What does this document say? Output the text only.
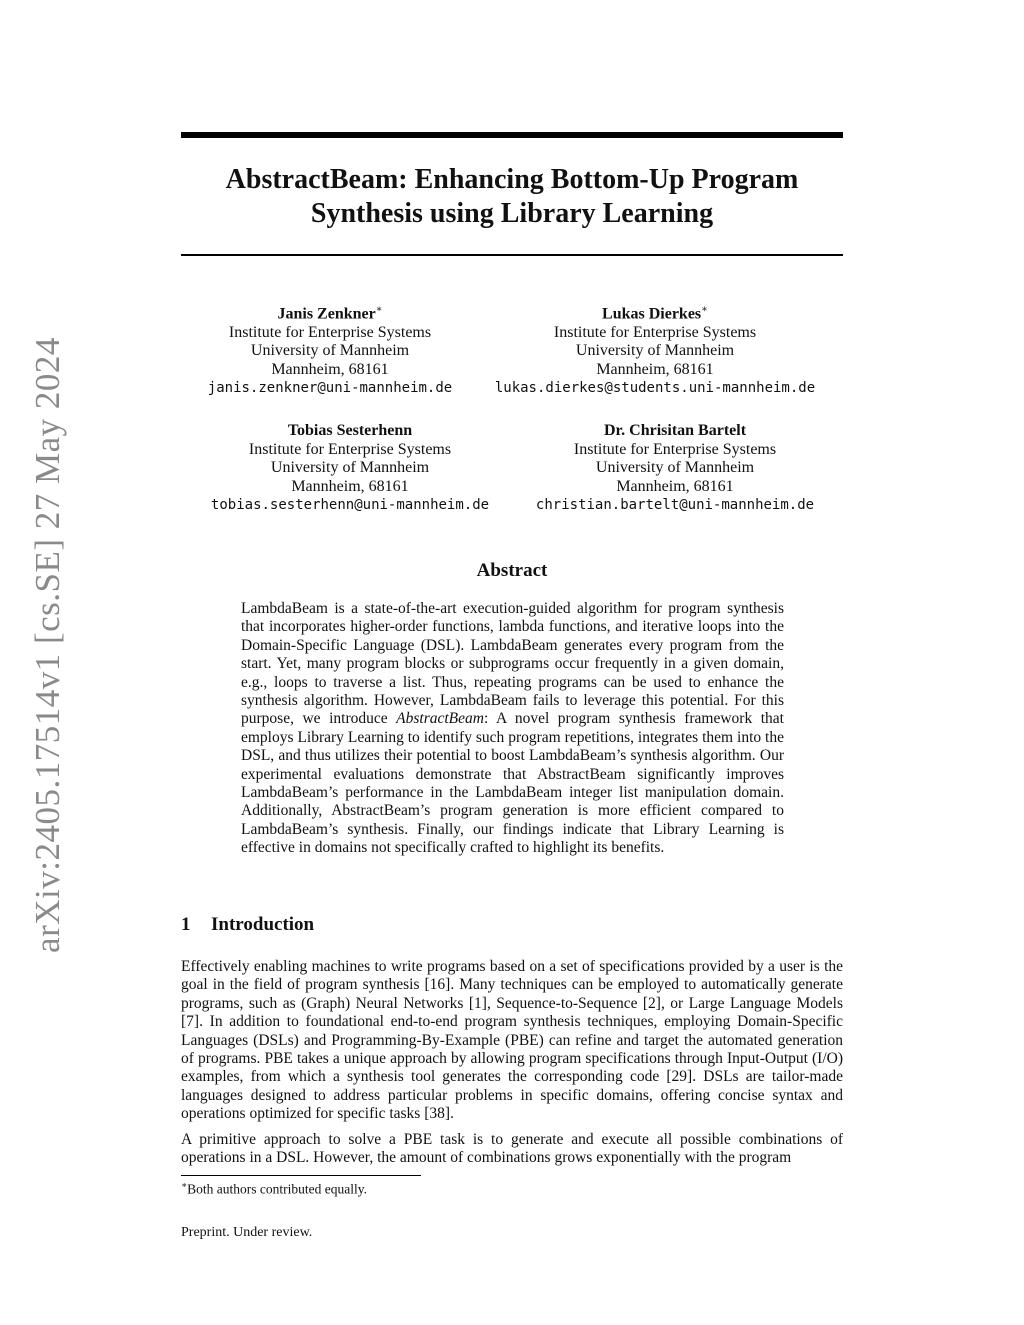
arXiv:2405.17514v1 [cs.SE] 27 May 2024
AbstractBeam: Enhancing Bottom-Up Program Synthesis using Library Learning
Janis Zenkner∗
Institute for Enterprise Systems
University of Mannheim
Mannheim, 68161
janis.zenkner@uni-mannheim.de
Lukas Dierkes∗
Institute for Enterprise Systems
University of Mannheim
Mannheim, 68161
lukas.dierkes@students.uni-mannheim.de
Tobias Sesterhenn
Institute for Enterprise Systems
University of Mannheim
Mannheim, 68161
tobias.sesterhenn@uni-mannheim.de
Dr. Chrisitan Bartelt
Institute for Enterprise Systems
University of Mannheim
Mannheim, 68161
christian.bartelt@uni-mannheim.de
Abstract

LambdaBeam is a state-of-the-art execution-guided algorithm for program synthesis that incorporates higher-order functions, lambda functions, and iterative loops into the Domain-Specific Language (DSL). LambdaBeam generates every program from the start. Yet, many program blocks or subprograms occur frequently in a given domain, e.g., loops to traverse a list. Thus, repeating programs can be used to enhance the synthesis algorithm. However, LambdaBeam fails to leverage this potential. For this purpose, we introduce AbstractBeam: A novel program synthesis framework that employs Library Learning to identify such program repetitions, integrates them into the DSL, and thus utilizes their potential to boost LambdaBeam’s synthesis algorithm. Our experimental evaluations demonstrate that AbstractBeam significantly improves LambdaBeam’s performance in the LambdaBeam integer list manipulation domain. Additionally, AbstractBeam’s program generation is more efficient compared to LambdaBeam’s synthesis. Finally, our findings indicate that Library Learning is effective in domains not specifically crafted to highlight its benefits.

1 Introduction

Effectively enabling machines to write programs based on a set of specifications provided by a user is the goal in the field of program synthesis [16]. Many techniques can be employed to automatically generate programs, such as (Graph) Neural Networks [1], Sequence-to-Sequence [2], or Large Language Models [7]. In addition to foundational end-to-end program synthesis techniques, employing Domain-Specific Languages (DSLs) and Programming-By-Example (PBE) can refine and target the automated generation of programs. PBE takes a unique approach by allowing program specifications through Input-Output (I/O) examples, from which a synthesis tool generates the corresponding code [29]. DSLs are tailor-made languages designed to address particular problems in specific domains, offering concise syntax and operations optimized for specific tasks [38].

A primitive approach to solve a PBE task is to generate and execute all possible combinations of operations in a DSL. However, the amount of combinations grows exponentially with the program

∗Both authors contributed equally.

Preprint. Under review.
